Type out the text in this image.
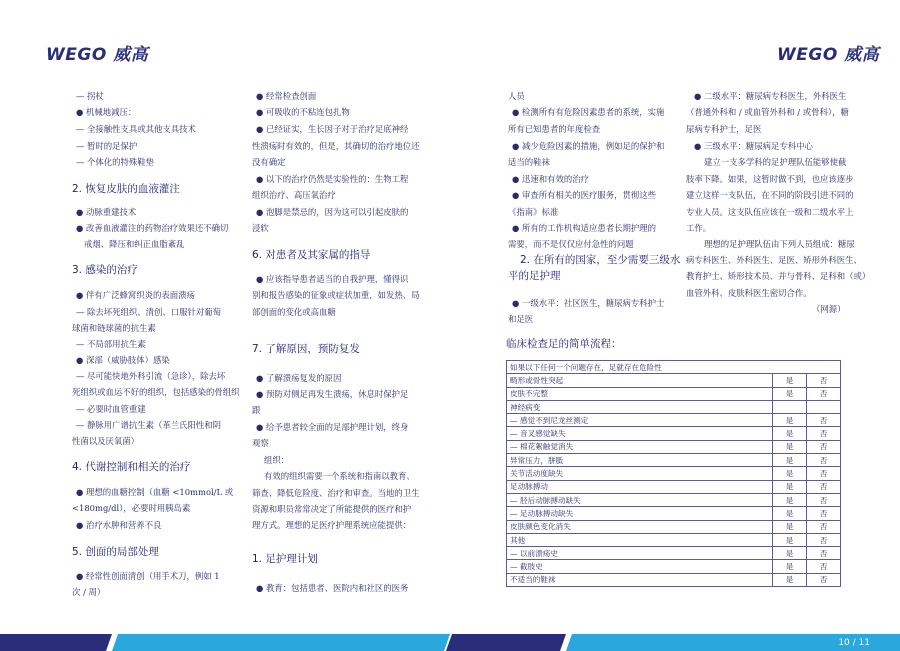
WEGO 威高	WEGO 威高

— 拐杖

● 机械地减压：

— 全接触性支具或其他支具技术

— 暂时的足保护

— 个体化的特殊鞋垫

2. 恢复皮肤的血液灌注

● 动脉重建技术

● 改善血液灌注的药物治疗效果还不确切

戒烟、降压和纠正血脂紊乱

3. 感染的治疗

● 伴有广泛蜂窝织炎的表面溃疡

— 除去坏死组织、清创、口服针对葡萄

球菌和链球菌的抗生素

— 不局部用抗生素

● 深部（威胁肢体）感染

— 尽可能快地外科引流（急诊），除去坏

死组织或血运不好的组织，包括感染的骨组织

— 必要时血管重建

— 静脉用广谱抗生素（革兰氏阳性和阴

性菌以及厌氧菌）

4. 代谢控制和相关的治疗

● 理想的血糖控制（血糖 <10mmol/L 或

<180mg/dl），必要时用胰岛素

● 治疗水肿和营养不良

5. 创面的局部处理

● 经常性创面清创（用手术刀，例如 1

次 / 周）

● 经常检查创面

● 可吸收的不粘连包扎物

● 已经证实，生长因子对于治疗足底神经

性溃疡时有效的，但是，其确切的治疗地位还

没有确定

● 以下的治疗仍然是实验性的：生物工程

组织治疗、高压氧治疗

● 泡脚是禁忌的，因为这可以引起皮肤的

浸软

6. 对患者及其家属的指导

● 应该指导患者适当的自我护理，懂得识

别和报告感染的征象或症状加重，如发热、局

部创面的变化或高血糖

7. 了解原因，预防复发

● 了解溃疡复发的原因

● 预防对侧足再发生溃疡，休息时保护足

跟

● 给予患者较全面的足部护理计划，终身

观察

组织：

有效的组织需要一个系统和指南以教育、

筛查、降低危险度、治疗和审查。当地的卫生

资源和职员常常决定了所能提供的医疗和护

理方式。理想的足医疗护理系统应能提供：

1. 足护理计划

● 教育：包括患者、医院内和社区的医务

人员

● 检测所有有危险因素患者的系统，实施

所有已知患者的年度检查

● 减少危险因素的措施，例如足的保护和

适当的鞋袜

● 迅速和有效的治疗

● 审查所有相关的医疗服务，贯彻这些

《指南》标准

● 所有的工作机构适应患者长期护理的

需要，而不是仅仅应付急性的问题

2. 在所有的国家，至少需要三级水

平的足护理

● 一级水平：社区医生，糖尿病专科护士

和足医

● 二级水平：糖尿病专科医生，外科医生

（普通外科和 / 或血管外科和 / 或骨科），糖

尿病专科护士，足医

● 三级水平：糖尿病足专科中心

建立一支多学科的足护理队伍能够使截

肢率下降。如果，这暂时做不到，也应该逐步

建立这样一支队伍，在不同的阶段引进不同的

专业人员。这支队伍应该在一级和二级水平上

工作。

理想的足护理队伍由下列人员组成：糖尿

病专科医生、外科医生、足医、矫形外科医生、

教育护士、矫形技术员、并与骨科、足科和（或）

血管外科、皮肤科医生密切合作。

（网源）

临床检查足的简单流程：
如果以下任何一个问题存在，足就存在危险性		
畸形或骨性突起	是	否
皮肤不完整	是	否
神经病变		
— 感觉不到尼龙丝测定	是	否
— 音叉感觉缺失	是	否
— 棉花絮触觉消失	是	否
异常压力，胼胝	是	否
关节活动度缺失	是	否
足动脉搏动	是	否
— 胫后动脉搏动缺失	是	否
— 足动脉搏动缺失	是	否
皮肤颜色变化消失	是	否
其他	是	否
— 以前溃疡史	是	否
— 截肢史	是	否
不适当的鞋袜	是	否
10 / 11
